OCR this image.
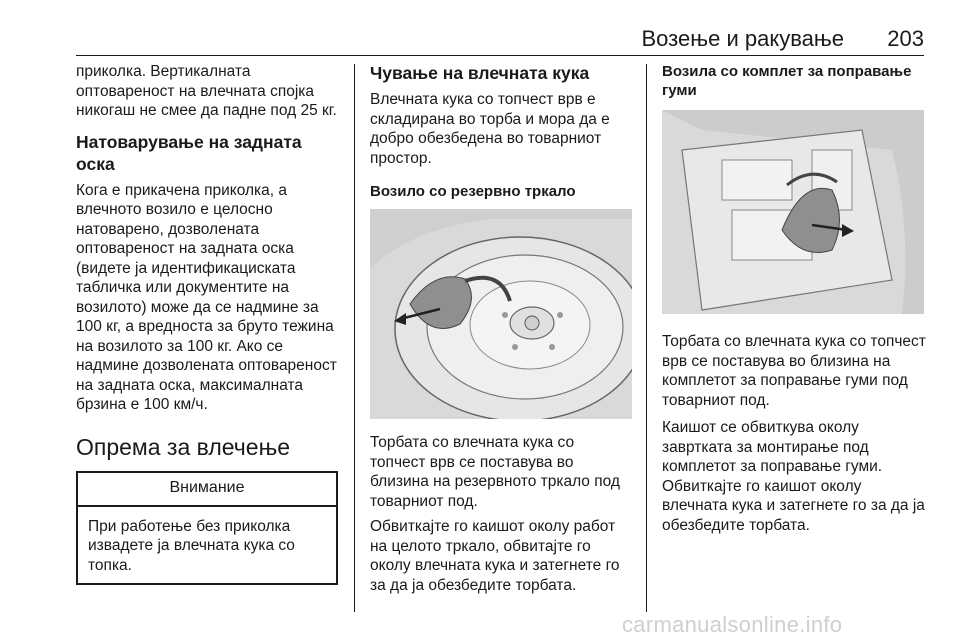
Возење и ракување 203

приколка. Вертикалната оптовареност на влечната спојка никогаш не смее да падне под 25 кг.

Натоварување на задната оска

Кога е прикачена приколка, а влечното возило е целосно натоварено, дозволената оптовареност на задната оска (видете ја идентификациската табличка или документите на возилото) може да се надмине за 100 кг, а вредноста за бруто тежина на возилото за 100 кг. Ако се надмине дозволената оптовареност на задната оска, максималната брзина е 100 км/ч.

Опрема за влечење
Внимание
При работење без приколка извадете ја влечната кука со топка.
Чување на влечната кука

Влечната кука со топчест врв е складирана во торба и мора да е добро обезбедена во товарниот простор.

Возило со резервно тркало

Торбата со влечната кука со топчест врв се поставува во близина на резервното тркало под товарниот под.

Обвиткајте го каишот околу работ на целото тркало, обвитајте го околу влечната кука и затегнете го за да ја обезбедите торбата.

Возила со комплет за поправање гуми

Торбата со влечната кука со топчест врв се поставува во близина на комплетот за поправање гуми под товарниот под.

Каишот се обвиткува околу завртката за монтирање под комплетот за поправање гуми. Обвиткајте го каишот околу влечната кука и затегнете го за да ја обезбедите торбата.

carmanualsonline.info
